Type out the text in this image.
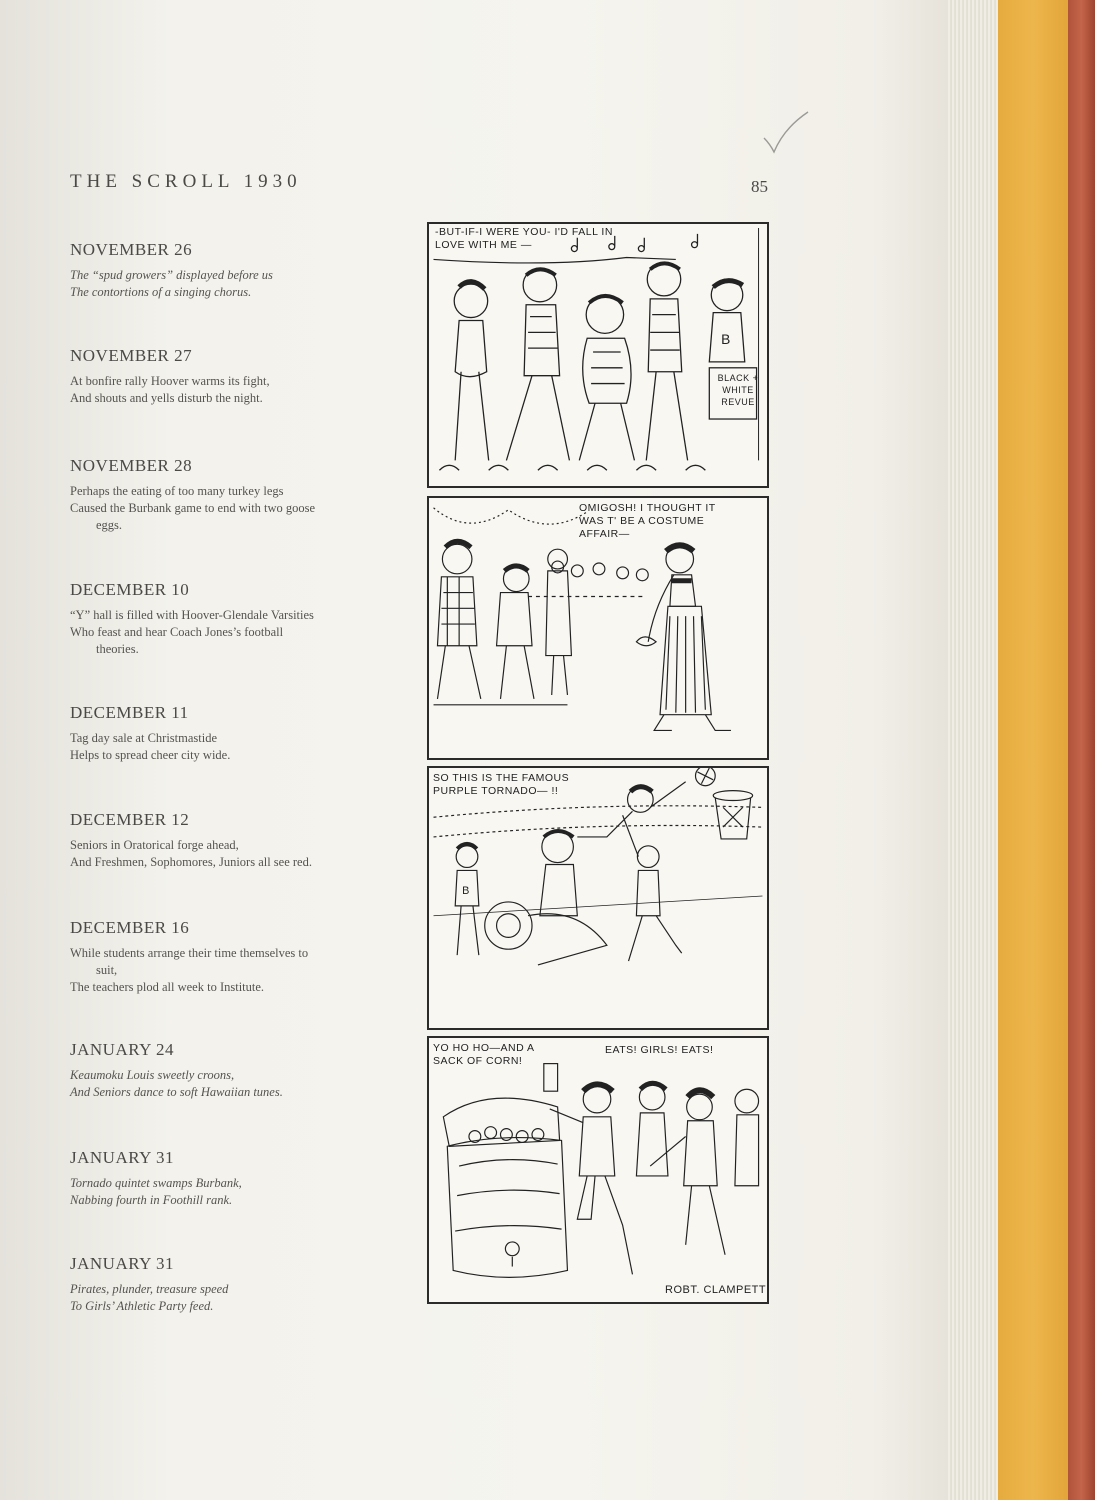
THE SCROLL 1930	85
NOVEMBER 26
The “spud growers” displayed before us
The contortions of a singing chorus.
NOVEMBER 27
At bonfire rally Hoover warms its fight,
And shouts and yells disturb the night.
NOVEMBER 28
Perhaps the eating of too many turkey legs
Caused the Burbank game to end with two goose
eggs.
DECEMBER 10
“Y” hall is filled with Hoover-Glendale Varsities
Who feast and hear Coach Jones’s football
theories.
DECEMBER 11
Tag day sale at Christmastide
Helps to spread cheer city wide.
DECEMBER 12
Seniors in Oratorical forge ahead,
And Freshmen, Sophomores, Juniors all see red.
DECEMBER 16
While students arrange their time themselves to
suit,
The teachers plod all week to Institute.
JANUARY 24
Keaumoku Louis sweetly croons,
And Seniors dance to soft Hawaiian tunes.
JANUARY 31
Tornado quintet swamps Burbank,
Nabbing fourth in Foothill rank.
JANUARY 31
Pirates, plunder, treasure speed
To Girls’ Athletic Party feed.
B
-BUT-IF-I WERE YOU- I'D FALL IN
LOVE WITH ME —
BLACK +
WHITE
REVUE
OMIGOSH! I THOUGHT IT
WAS T' BE A COSTUME
AFFAIR—
B
SO THIS IS THE FAMOUS
PURPLE TORNADO— !!
YO HO HO—AND A
SACK OF CORN!
EATS! GIRLS! EATS!
ROBT. CLAMPETT
